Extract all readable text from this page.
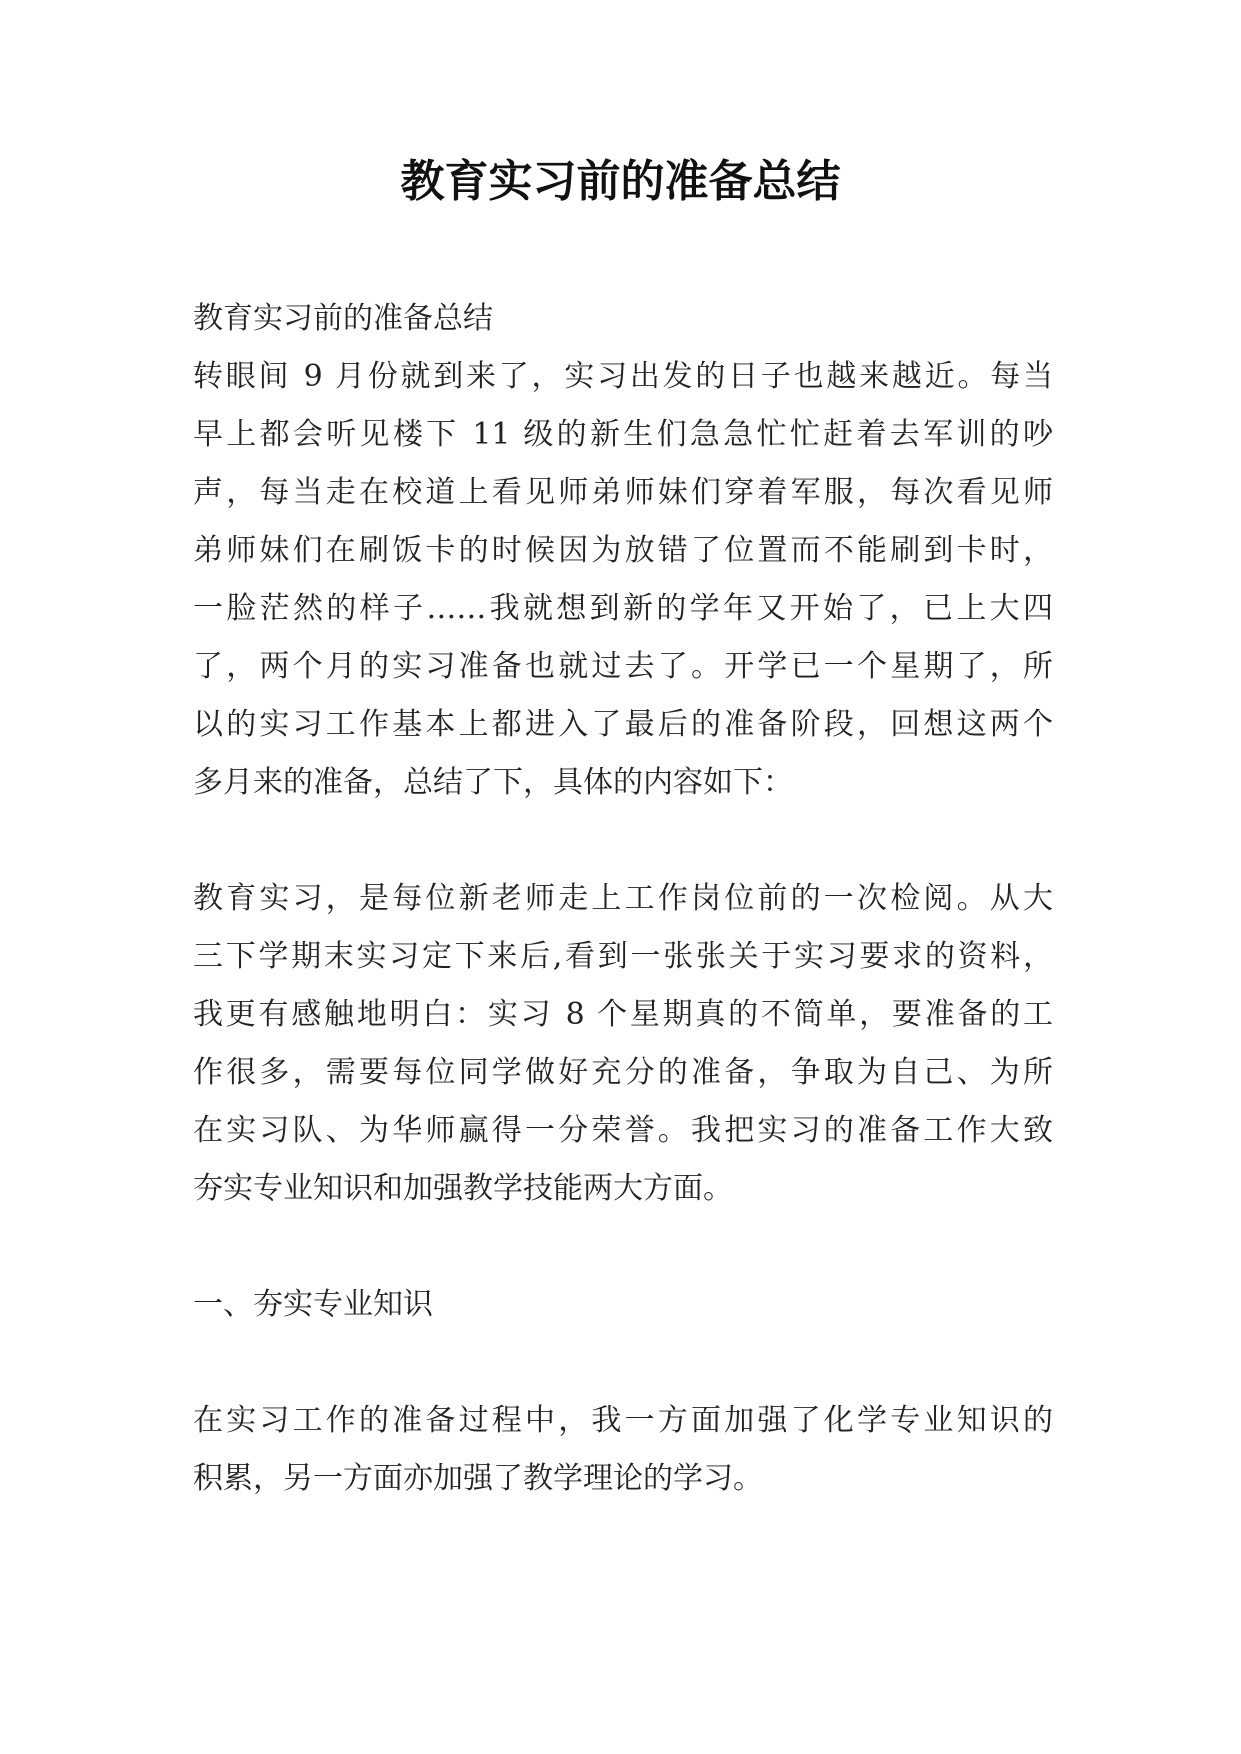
教育实习前的准备总结
教育实习前的准备总结
转眼间 9 月份就到来了，实习出发的日子也越来越近。每当
早上都会听见楼下 11 级的新生们急急忙忙赶着去军训的吵
声，每当走在校道上看见师弟师妹们穿着军服，每次看见师
弟师妹们在刷饭卡的时候因为放错了位置而不能刷到卡时，
一脸茫然的样子……我就想到新的学年又开始了，已上大四
了，两个月的实习准备也就过去了。开学已一个星期了，所
以的实习工作基本上都进入了最后的准备阶段，回想这两个
多月来的准备，总结了下，具体的内容如下：
教育实习，是每位新老师走上工作岗位前的一次检阅。从大
三下学期末实习定下来后,看到一张张关于实习要求的资料，
我更有感触地明白：实习 8 个星期真的不简单，要准备的工
作很多，需要每位同学做好充分的准备，争取为自己、为所
在实习队、为华师赢得一分荣誉。我把实习的准备工作大致
夯实专业知识和加强教学技能两大方面。
一、夯实专业知识
在实习工作的准备过程中，我一方面加强了化学专业知识的
积累，另一方面亦加强了教学理论的学习。
